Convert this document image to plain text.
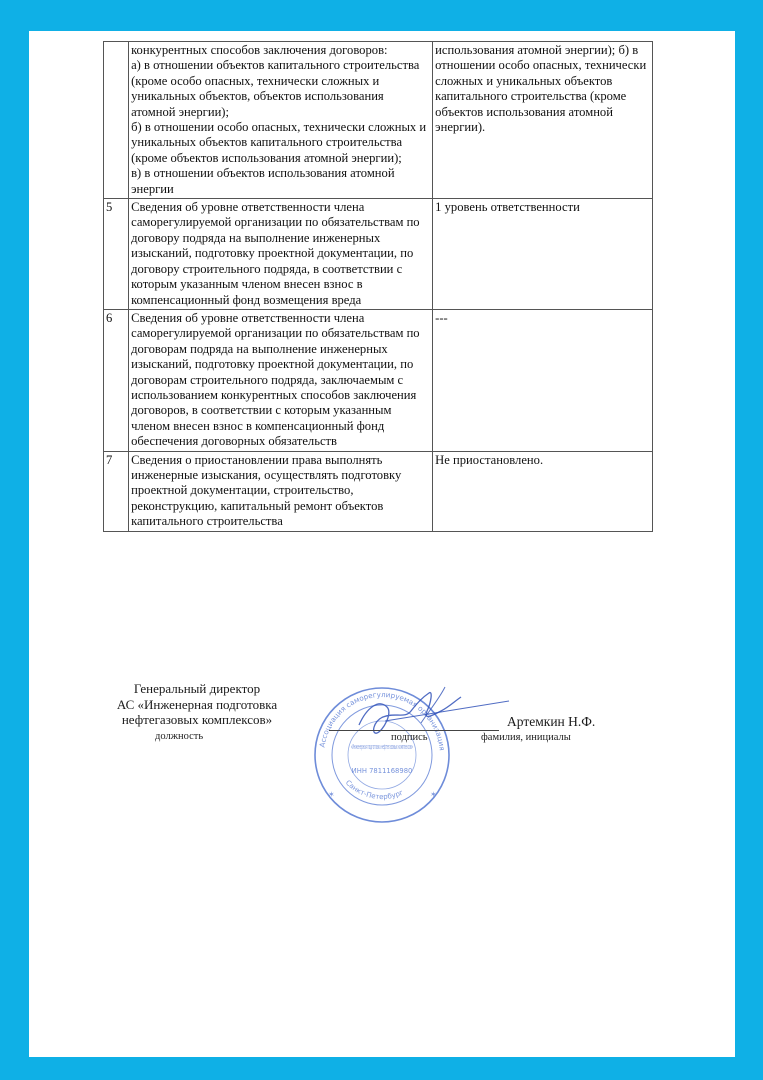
	конкурентных способов заключения договоров:
а) в отношении объектов капитального строительства (кроме особо опасных, технически сложных и уникальных объектов, объектов использования атомной энергии);
б) в отношении особо опасных, технически сложных и уникальных объектов капитального строительства (кроме объектов использования атомной энергии);
в) в отношении объектов использования атомной энергии	использования атомной энергии); б) в отношении особо опасных, технически сложных и уникальных объектов капитального строительства (кроме объектов использования атомной энергии).
5	Сведения об уровне ответственности члена саморегулируемой организации по обязательствам по договору подряда на выполнение инженерных изысканий, подготовку проектной документации, по договору строительного подряда, в соответствии с которым указанным членом внесен взнос в компенсационный фонд возмещения вреда	1 уровень ответственности
6	Сведения об уровне ответственности члена саморегулируемой организации по обязательствам по договорам подряда на выполнение инженерных изысканий, подготовку проектной документации, по договорам строительного подряда, заключаемым с использованием конкурентных способов заключения договоров, в соответствии с которым указанным членом внесен взнос в компенсационный фонд обеспечения договорных обязательств	---
7	Сведения о приостановлении права выполнять инженерные изыскания, осуществлять подготовку проектной документации, строительство, реконструкцию, капитальный ремонт объектов капитального строительства	Не приостановлено.
Генеральный директор
АС «Инженерная подготовка
нефтегазовых комплексов»
должность
Ассоциация саморегулируемая организация
«Инженерная подготовка нефтегазовых комплексов»
ИНН 7811168980
Санкт-Петербург
✶	✶
подпись
Артемкин Н.Ф.
фамилия, инициалы
